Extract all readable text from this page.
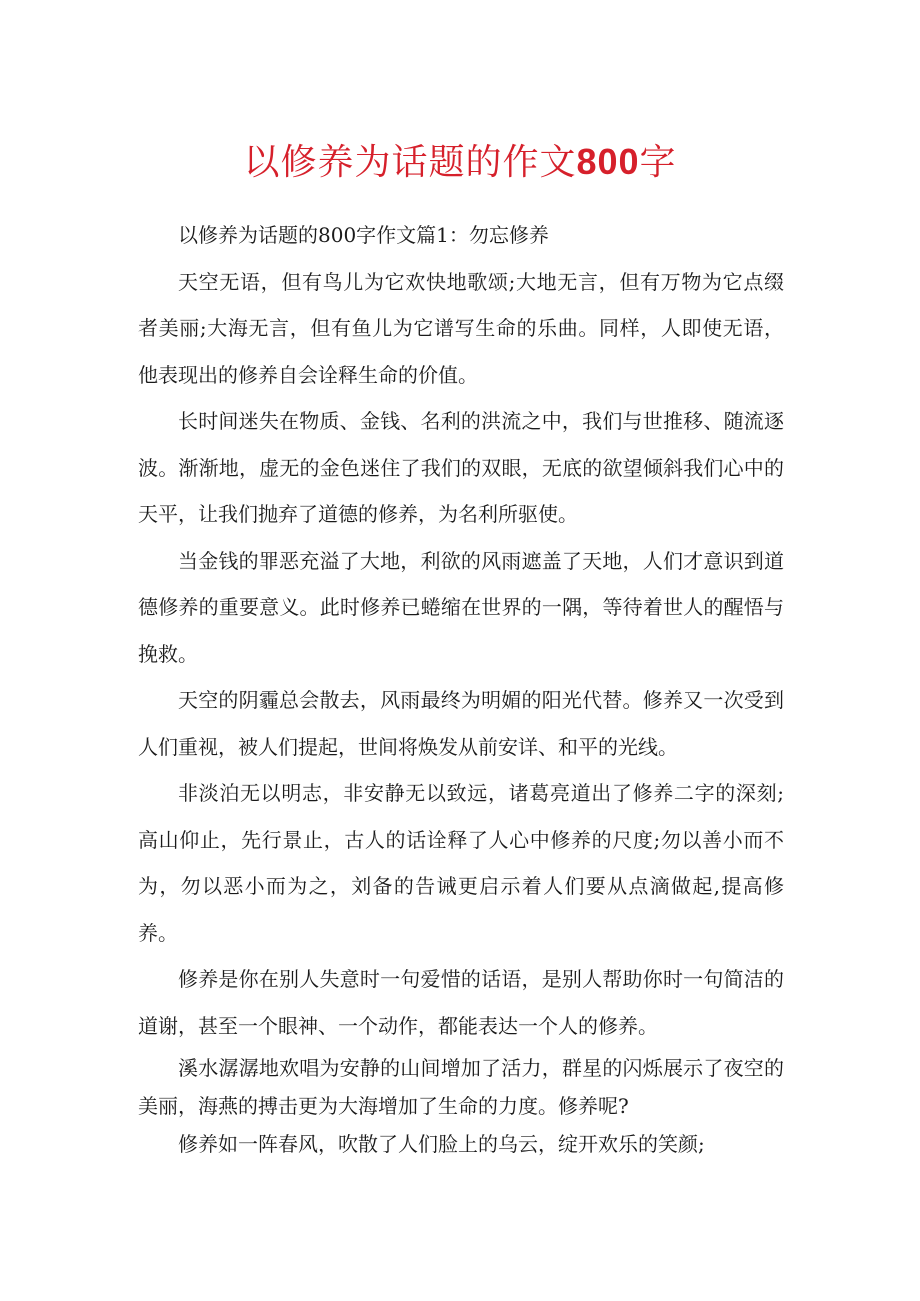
以修养为话题的作文800字

以修养为话题的800字作文篇1：勿忘修养

天空无语，但有鸟儿为它欢快地歌颂;大地无言，但有万物为它点缀者美丽;大海无言，但有鱼儿为它谱写生命的乐曲。同样，人即使无语，他表现出的修养自会诠释生命的价值。

长时间迷失在物质、金钱、名利的洪流之中，我们与世推移、随流逐波。渐渐地，虚无的金色迷住了我们的双眼，无底的欲望倾斜我们心中的天平，让我们抛弃了道德的修养，为名利所驱使。

当金钱的罪恶充溢了大地，利欲的风雨遮盖了天地，人们才意识到道德修养的重要意义。此时修养已蜷缩在世界的一隅，等待着世人的醒悟与挽救。

天空的阴霾总会散去，风雨最终为明媚的阳光代替。修养又一次受到人们重视，被人们提起，世间将焕发从前安详、和平的光线。

非淡泊无以明志，非安静无以致远，诸葛亮道出了修养二字的深刻;高山仰止，先行景止，古人的话诠释了人心中修养的尺度;勿以善小而不为，勿以恶小而为之，刘备的告诫更启示着人们要从点滴做起,提高修养。

修养是你在别人失意时一句爱惜的话语，是别人帮助你时一句简洁的道谢，甚至一个眼神、一个动作，都能表达一个人的修养。

溪水潺潺地欢唱为安静的山间增加了活力，群星的闪烁展示了夜空的美丽，海燕的搏击更为大海增加了生命的力度。修养呢?

修养如一阵春风，吹散了人们脸上的乌云，绽开欢乐的笑颜;
